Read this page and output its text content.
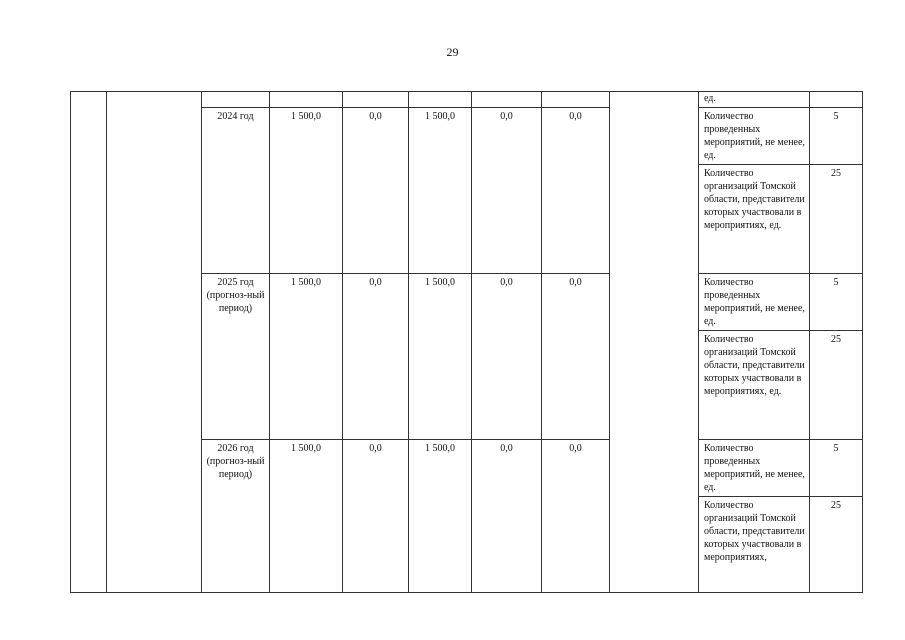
29
									ед.	
		2024 год	1 500,0	0,0	1 500,0	0,0	0,0		Количество проведенных мероприятий, не менее, ед.	5
									Количество организаций Томской области, представители которых участвовали в мероприятиях, ед.	25
		2025 год (прогноз-ный период)	1 500,0	0,0	1 500,0	0,0	0,0		Количество проведенных мероприятий, не менее, ед.	5
									Количество организаций Томской области, представители которых участвовали в мероприятиях, ед.	25
		2026 год (прогноз-ный период)	1 500,0	0,0	1 500,0	0,0	0,0		Количество проведенных мероприятий, не менее, ед.	5
									Количество организаций Томской области, представители которых участвовали в мероприятиях,	25
